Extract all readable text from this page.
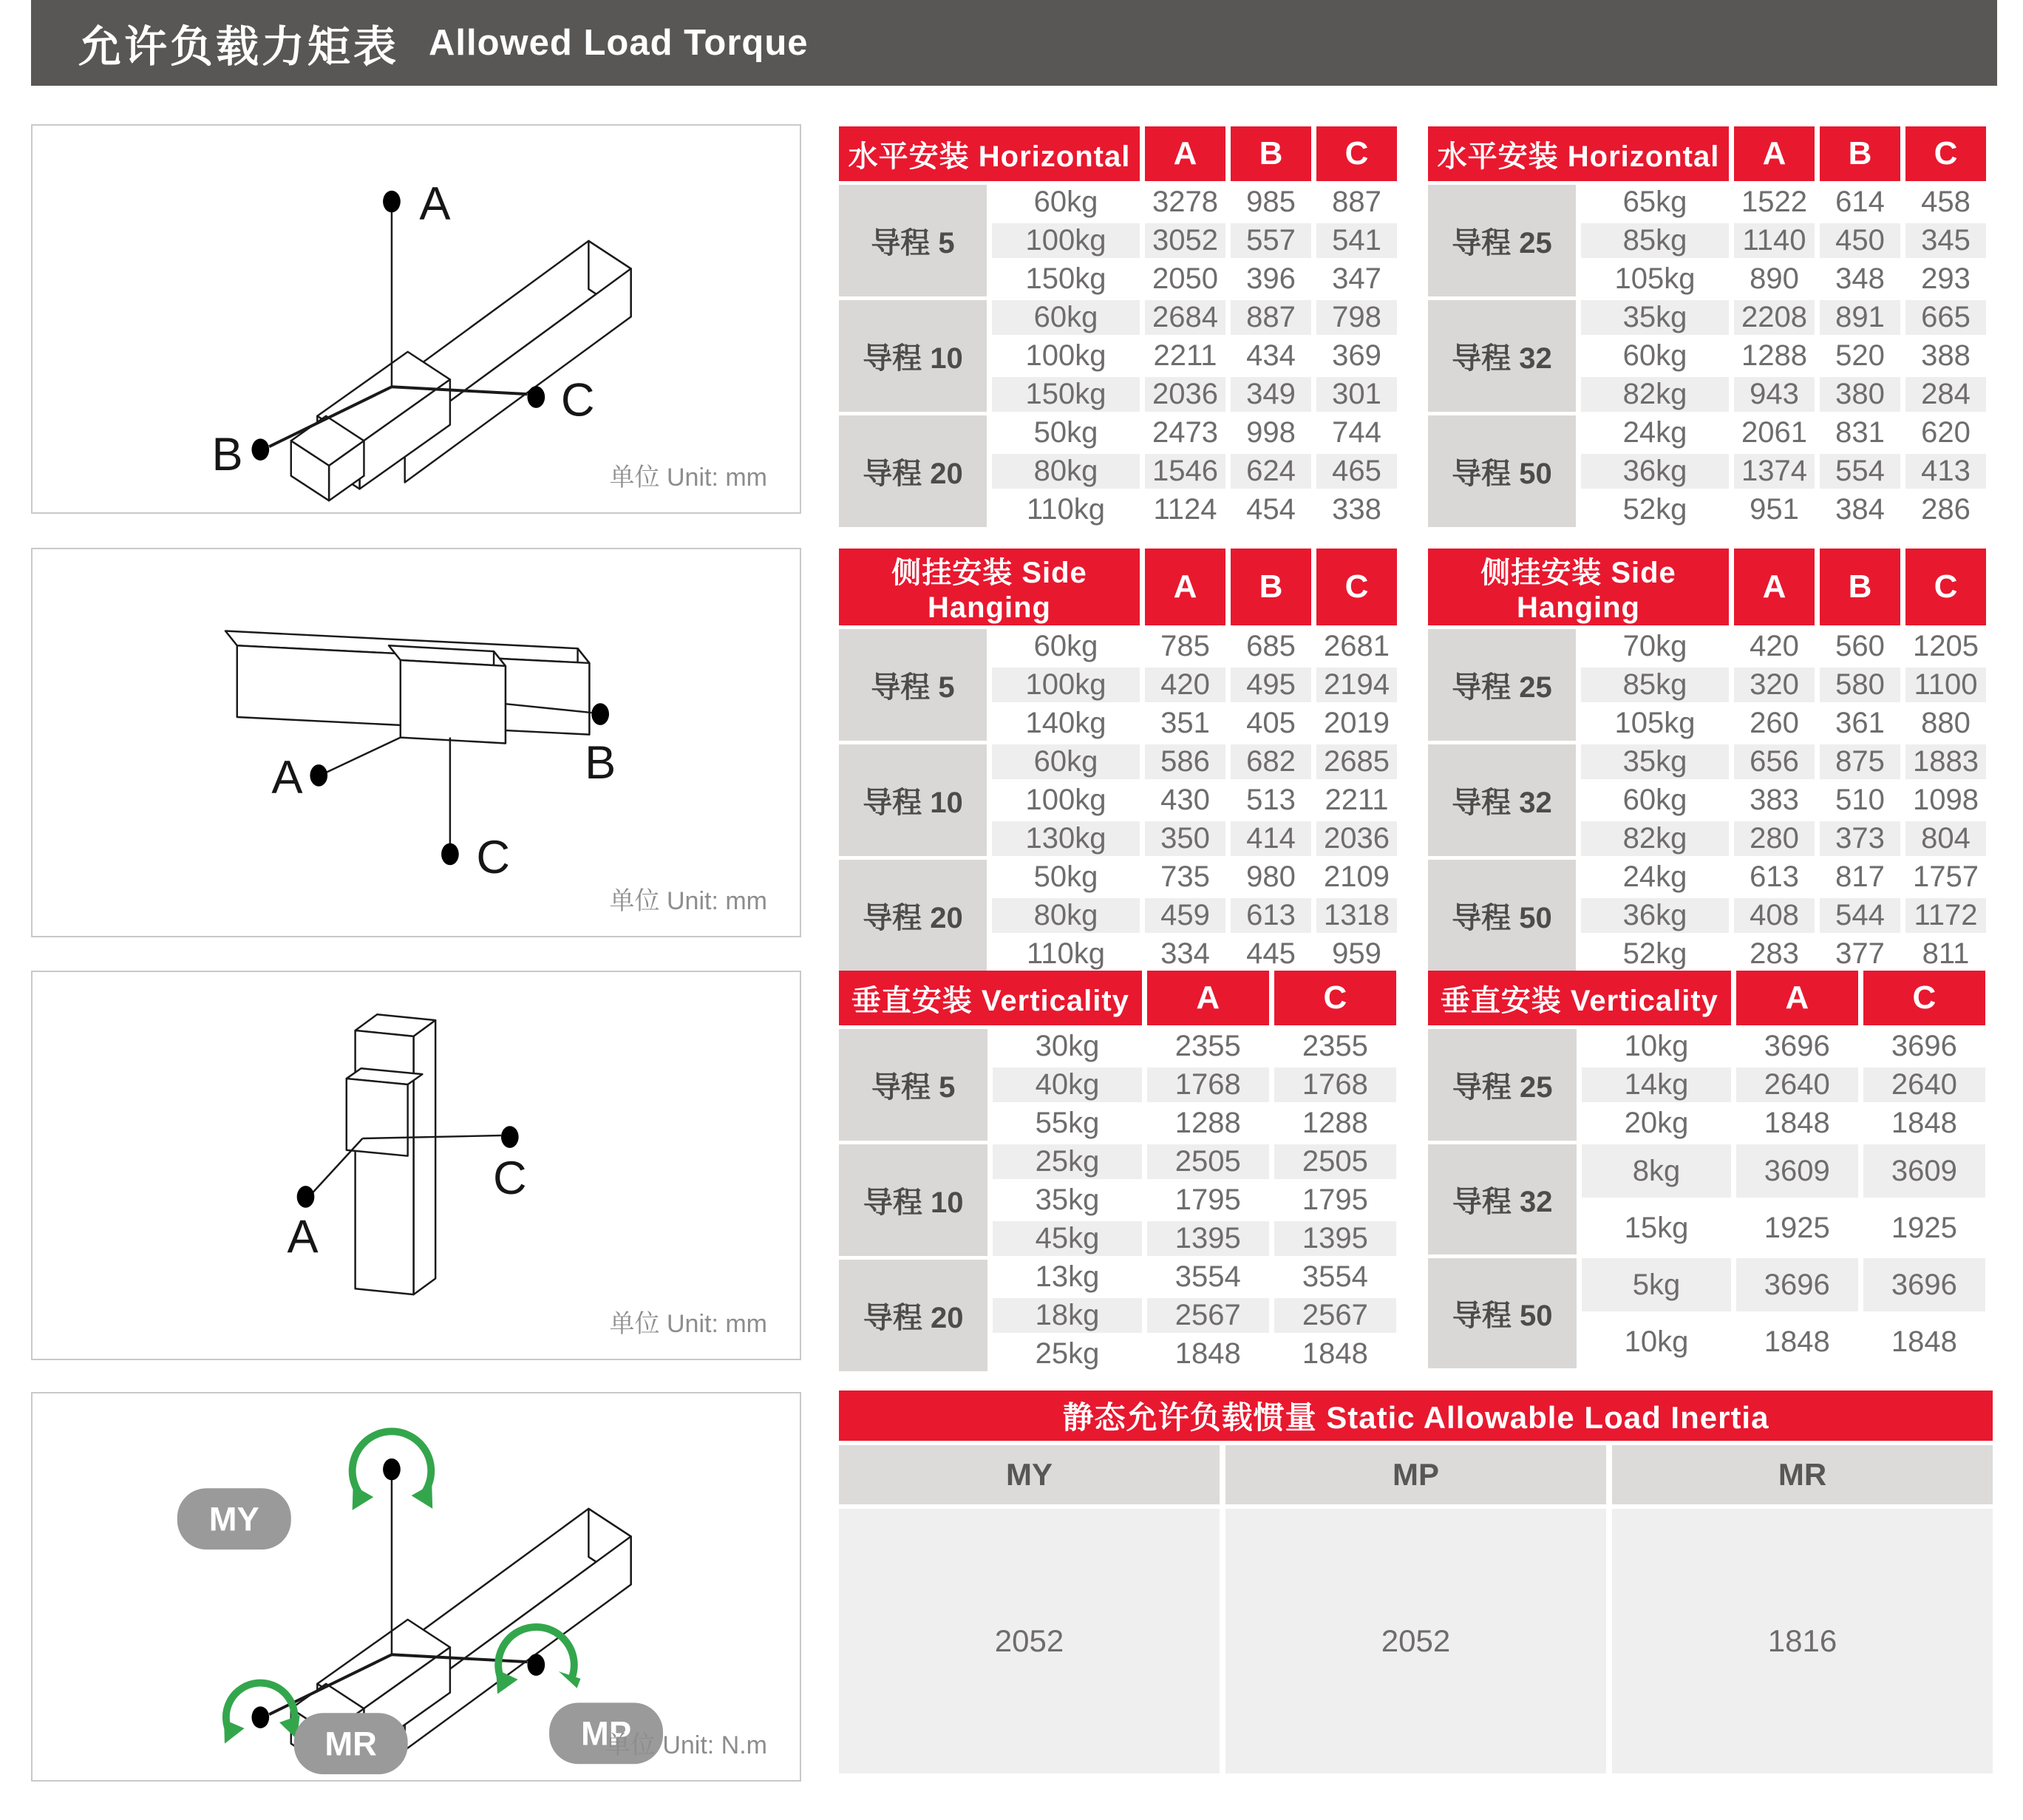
允许负载力矩表 Allowed Load Torque
A
C
B	单位 Unit: mm
B
A
C
单位 Unit: mm
C
A
单位 Unit: mm
MY
MP
MR	单位 Unit: N.m
水平安装 Horizontal		A	B	C
导程 5	60kg	3278	985	887
	100kg	3052	557	541
	150kg	2050	396	347
导程 10	60kg	2684	887	798
	100kg	2211	434	369
	150kg	2036	349	301
导程 20	50kg	2473	998	744
	80kg	1546	624	465
	110kg	1124	454	338
水平安装 Horizontal		A	B	C
导程 25	65kg	1522	614	458
	85kg	1140	450	345
	105kg	890	348	293
导程 32	35kg	2208	891	665
	60kg	1288	520	388
	82kg	943	380	284
导程 50	24kg	2061	831	620
	36kg	1374	554	413
	52kg	951	384	286
侧挂安装 Side Hanging		A	B	C
导程 5	60kg	785	685	2681
	100kg	420	495	2194
	140kg	351	405	2019
导程 10	60kg	586	682	2685
	100kg	430	513	2211
	130kg	350	414	2036
导程 20	50kg	735	980	2109
	80kg	459	613	1318
	110kg	334	445	959
侧挂安装 Side Hanging		A	B	C
导程 25	70kg	420	560	1205
	85kg	320	580	1100
	105kg	260	361	880
导程 32	35kg	656	875	1883
	60kg	383	510	1098
	82kg	280	373	804
导程 50	24kg	613	817	1757
	36kg	408	544	1172
	52kg	283	377	811
垂直安装 Verticality		A	C
导程 5	30kg	2355	2355
	40kg	1768	1768
	55kg	1288	1288
导程 10	25kg	2505	2505
	35kg	1795	1795
	45kg	1395	1395
导程 20	13kg	3554	3554
	18kg	2567	2567
	25kg	1848	1848
垂直安装 Verticality		A	C
导程 25	10kg	3696	3696
	14kg	2640	2640
	20kg	1848	1848
导程 32	8kg	3609	3609
	15kg	1925	1925
导程 50	5kg	3696	3696
	10kg	1848	1848
静态允许负载惯量 Static Allowable Load Inertia		
MY	MP	MR
2052	2052	1816
